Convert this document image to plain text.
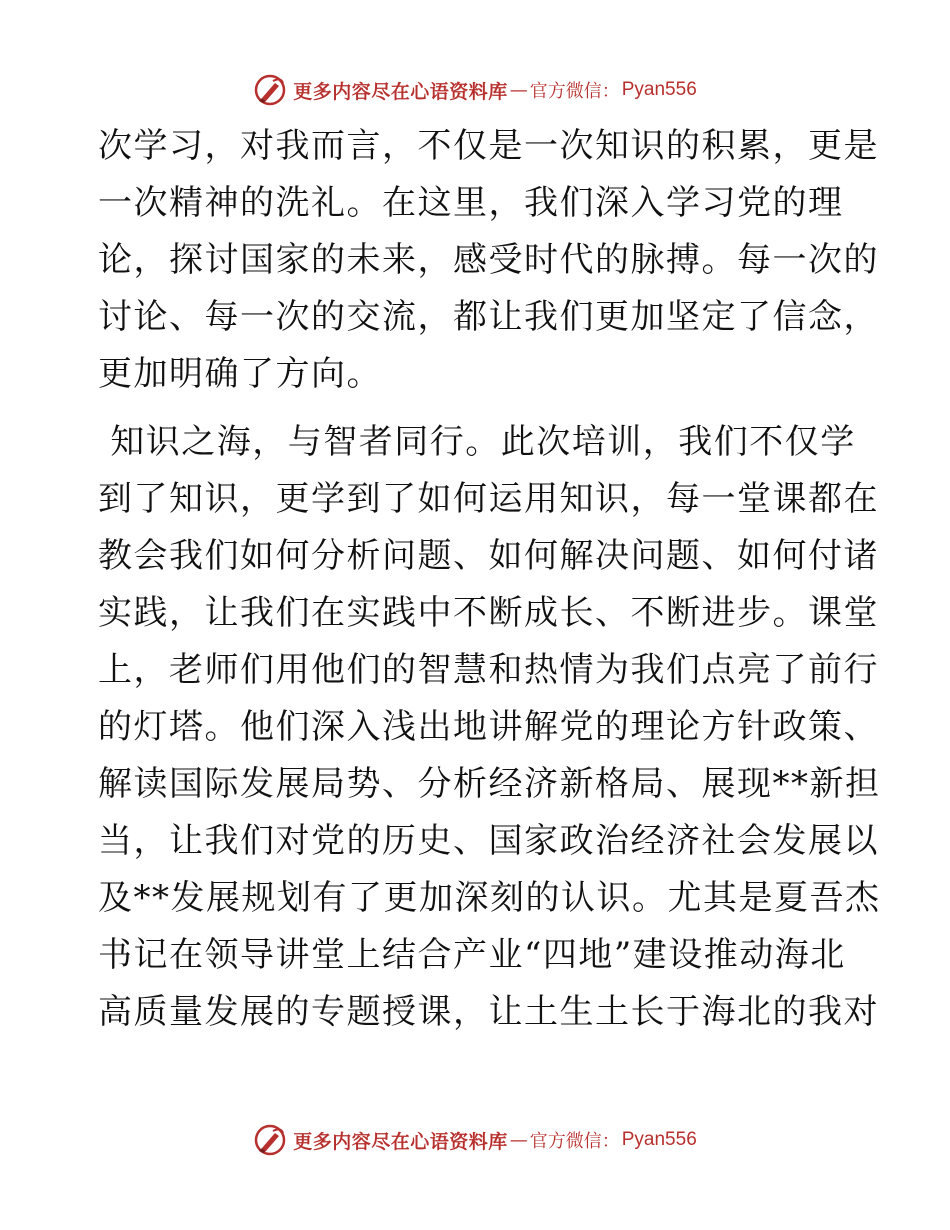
更多内容尽在心语资料库 — 官方微信： Pyan556
次学习，对我而言，不仅是一次知识的积累，更是
一次精神的洗礼。在这里，我们深入学习党的理
论，探讨国家的未来，感受时代的脉搏。每一次的
讨论、每一次的交流，都让我们更加坚定了信念，
更加明确了方向。
知识之海，与智者同行。此次培训，我们不仅学
到了知识，更学到了如何运用知识，每一堂课都在
教会我们如何分析问题、如何解决问题、如何付诸
实践，让我们在实践中不断成长、不断进步。课堂
上，老师们用他们的智慧和热情为我们点亮了前行
的灯塔。他们深入浅出地讲解党的理论方针政策、
解读国际发展局势、分析经济新格局、展现**新担
当，让我们对党的历史、国家政治经济社会发展以
及**发展规划有了更加深刻的认识。尤其是夏吾杰
书记在领导讲堂上结合产业“四地”建设推动海北
高质量发展的专题授课，让土生土长于海北的我对
更多内容尽在心语资料库 — 官方微信： Pyan556
